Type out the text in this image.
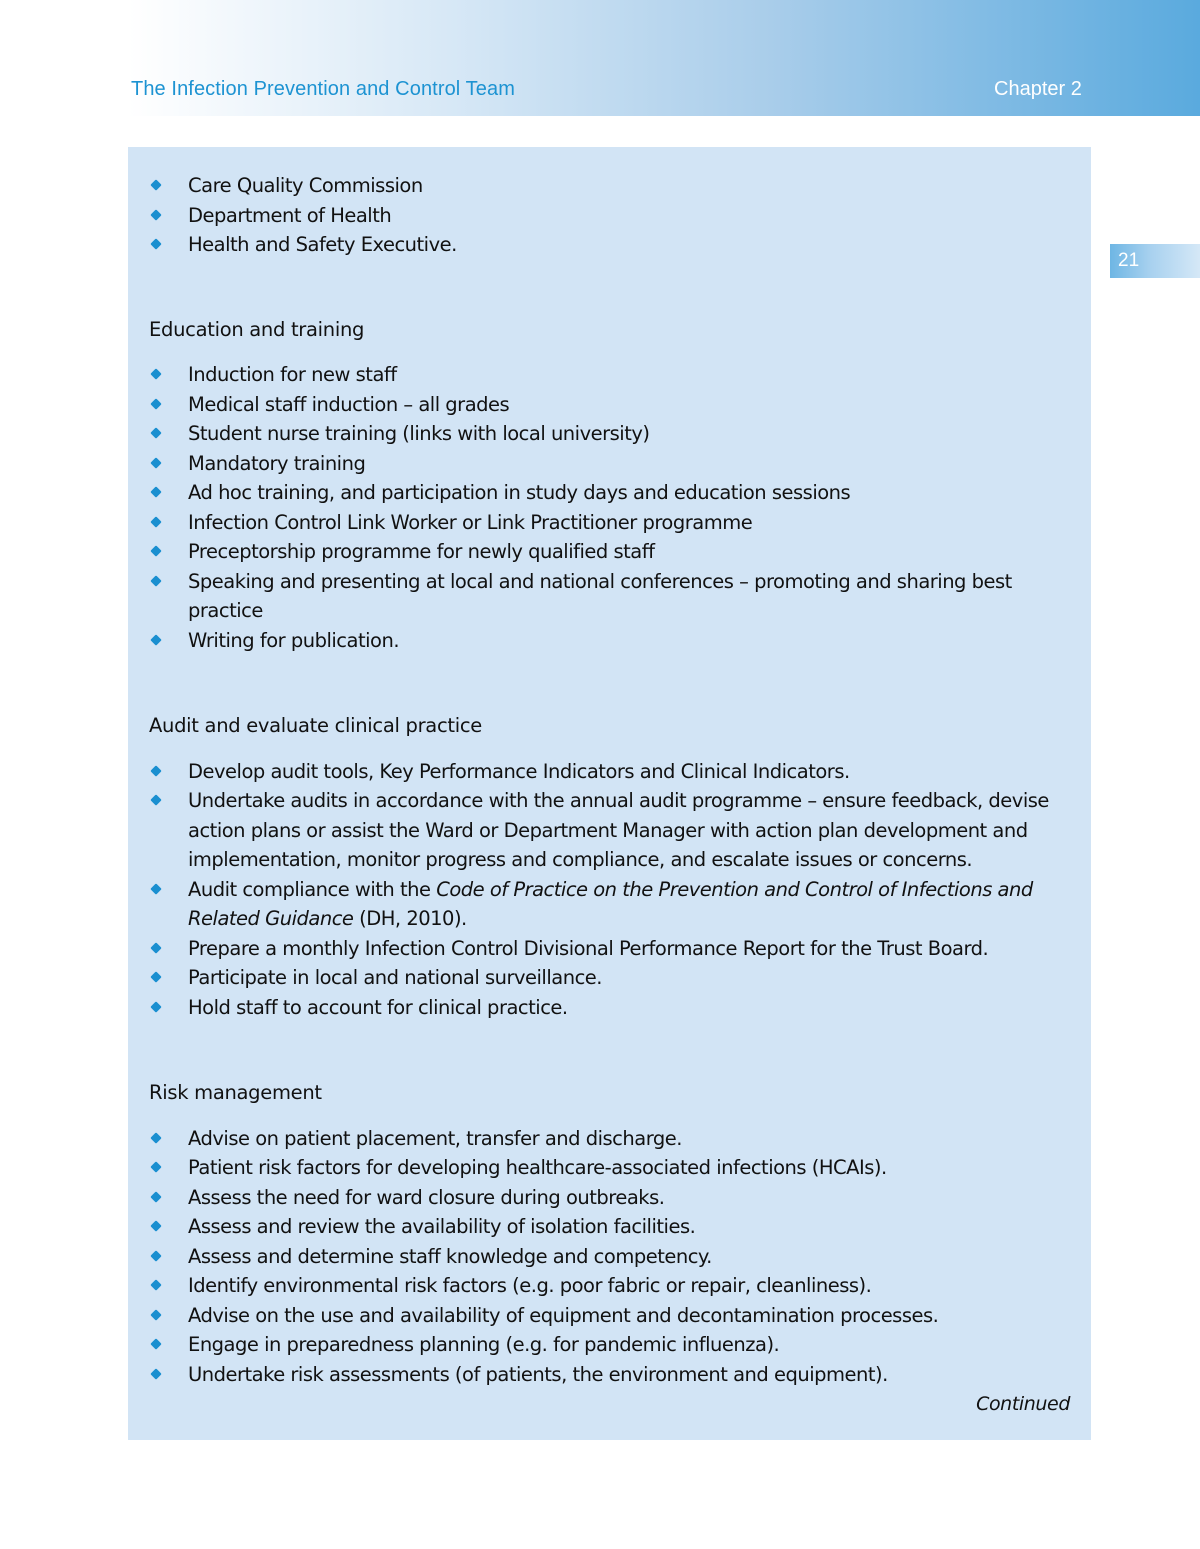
The Infection Prevention and Control Team	Chapter 2
21
Care Quality Commission
Department of Health
Health and Safety Executive.
Education and training
Induction for new staff
Medical staff induction – all grades
Student nurse training (links with local university)
Mandatory training
Ad hoc training, and participation in study days and education sessions
Infection Control Link Worker or Link Practitioner programme
Preceptorship programme for newly qualified staff
Speaking and presenting at local and national conferences – promoting and sharing best practice
Writing for publication.
Audit and evaluate clinical practice
Develop audit tools, Key Performance Indicators and Clinical Indicators.
Undertake audits in accordance with the annual audit programme – ensure feedback, devise action plans or assist the Ward or Department Manager with action plan development and implementation, monitor progress and compliance, and escalate issues or concerns.
Audit compliance with the Code of Practice on the Prevention and Control of Infections and Related Guidance (DH, 2010).
Prepare a monthly Infection Control Divisional Performance Report for the Trust Board.
Participate in local and national surveillance.
Hold staff to account for clinical practice.
Risk management
Advise on patient placement, transfer and discharge.
Patient risk factors for developing healthcare-associated infections (HCAIs).
Assess the need for ward closure during outbreaks.
Assess and review the availability of isolation facilities.
Assess and determine staff knowledge and competency.
Identify environmental risk factors (e.g. poor fabric or repair, cleanliness).
Advise on the use and availability of equipment and decontamination processes.
Engage in preparedness planning (e.g. for pandemic influenza).
Undertake risk assessments (of patients, the environment and equipment).
Continued
